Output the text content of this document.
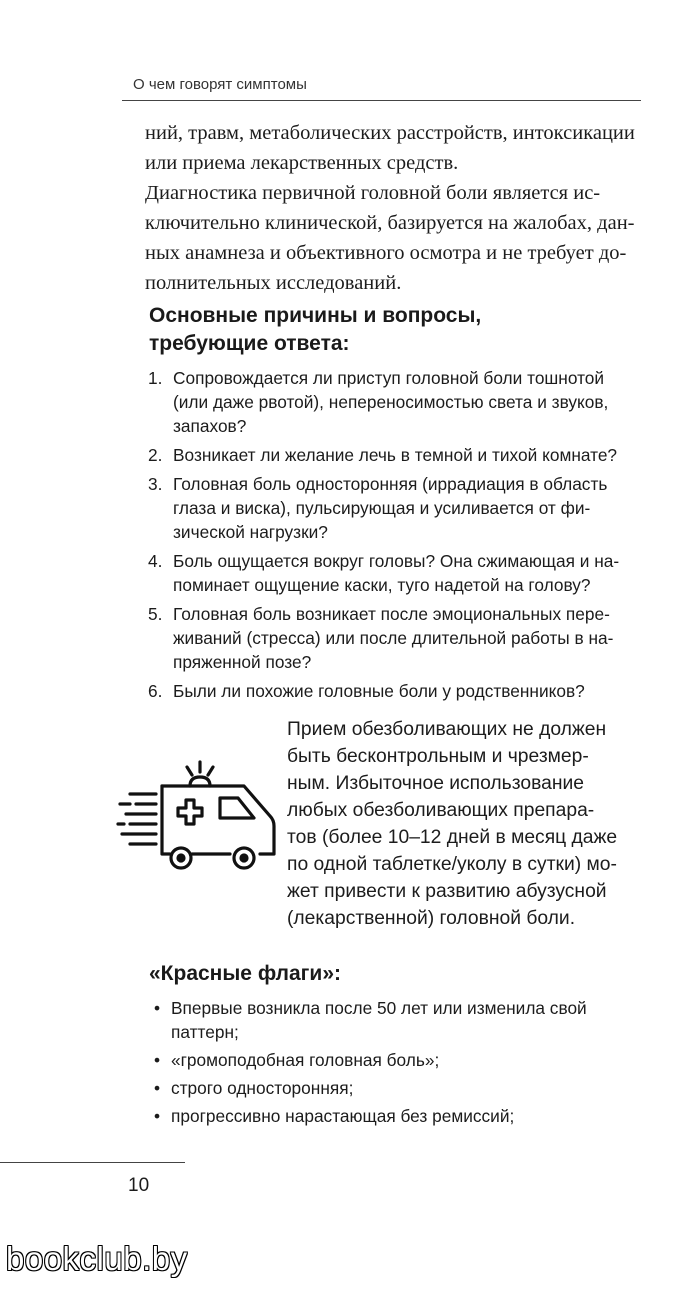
О чем говорят симптомы

ний, травм, метаболических расстройств, интоксикации
или приема лекарственных средств.

Диагностика первичной головной боли является ис-
ключительно клинической, базируется на жалобах, дан-
ных анамнеза и объективного осмотра и не требует до-
полнительных исследований.

Основные причины и вопросы,
требующие ответа:
1. Сопровождается ли приступ головной боли тошнотой
(или даже рвотой), непереносимостью света и звуков,
запахов?
2. Возникает ли желание лечь в темной и тихой комнате?
3. Головная боль односторонняя (иррадиация в область
глаза и виска), пульсирующая и усиливается от фи-
зической нагрузки?
4. Боль ощущается вокруг головы? Она сжимающая и на-
поминает ощущение каски, туго надетой на голову?
5. Головная боль возникает после эмоциональных пере-
живаний (стресса) или после длительной работы в на-
пряженной позе?
6. Были ли похожие головные боли у родственников?
Прием обезболивающих не должен
быть бесконтрольным и чрезмер-
ным. Избыточное использование
любых обезболивающих препара-
тов (более 10–12 дней в месяц даже
по одной таблетке/уколу в сутки) мо-
жет привести к развитию абузусной
(лекарственной) головной боли.
«Красные флаги»:
• Впервые возникла после 50 лет или изменила свой
паттерн;
• «громоподобная головная боль»;
• строго односторонняя;
• прогрессивно нарастающая без ремиссий;
10
bookclub.by
